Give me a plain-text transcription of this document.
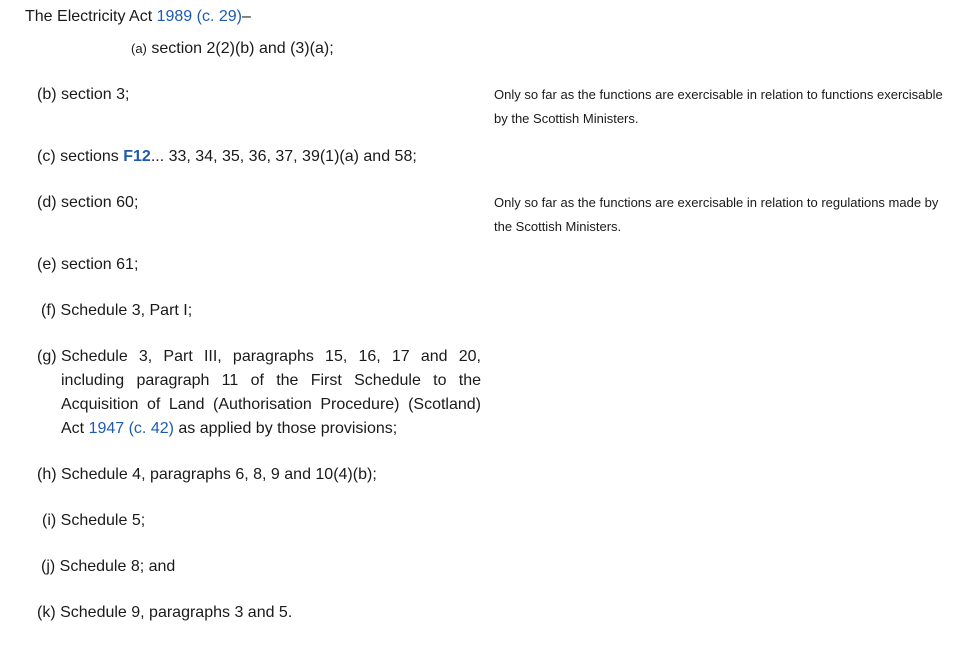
The Electricity Act 1989 (c. 29)–
(a) section 2(2)(b) and (3)(a);
(b) section 3;	Only so far as the functions are exercisable in relation to functions exercisable by the Scottish Ministers.
(c) sections F12... 33, 34, 35, 36, 37, 39(1)(a) and 58;
(d) section 60;	Only so far as the functions are exercisable in relation to regulations made by the Scottish Ministers.
(e) section 61;
(f) Schedule 3, Part I;
(g) Schedule 3, Part III, paragraphs 15, 16, 17 and 20, including paragraph 11 of the First Schedule to the Acquisition of Land (Authorisation Procedure) (Scotland) Act 1947 (c. 42) as applied by those provisions;
(h) Schedule 4, paragraphs 6, 8, 9 and 10(4)(b);
(i) Schedule 5;
(j) Schedule 8; and
(k) Schedule 9, paragraphs 3 and 5.
